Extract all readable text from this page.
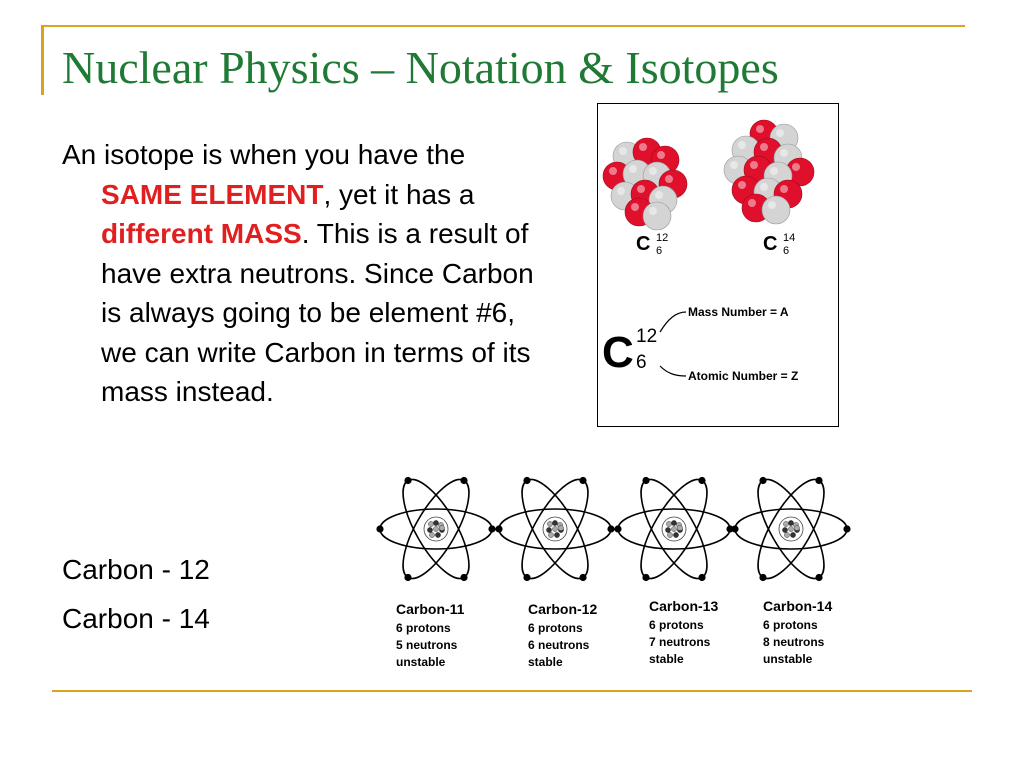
Nuclear Physics – Notation & Isotopes

An isotope is when you have the SAME ELEMENT, yet it has a different MASS. This is a result of have extra neutrons. Since Carbon is always going to be element #6, we can write Carbon in terms of its mass instead.

Carbon - 12
Carbon - 14
C 12
6	C 14
6
C 12
6
Mass Number = A
Atomic Number = Z
Carbon-11
6 protons
5 neutrons
unstable
Carbon-12
6 protons
6 neutrons
stable
Carbon-13
6 protons
7 neutrons
stable
Carbon-14
6 protons
8 neutrons
unstable
